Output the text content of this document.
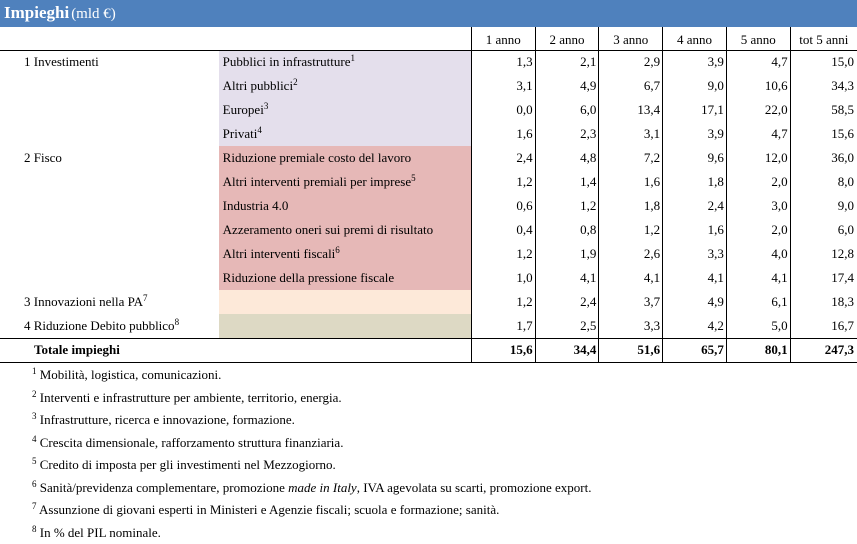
Impieghi (mld €)
		1 anno	2 anno	3 anno	4 anno	5 anno	tot 5 anni
1 Investimenti	Pubblici in infrastrutture$^1$	1,3	2,1	2,9	3,9	4,7	15,0
	Altri pubblici$^2$	3,1	4,9	6,7	9,0	10,6	34,3
	Europei$^3$	0,0	6,0	13,4	17,1	22,0	58,5
	Privati$^4$	1,6	2,3	3,1	3,9	4,7	15,6
2 Fisco	Riduzione premiale costo del lavoro	2,4	4,8	7,2	9,6	12,0	36,0
	Altri interventi premiali per imprese$^5$	1,2	1,4	1,6	1,8	2,0	8,0
	Industria 4.0	0,6	1,2	1,8	2,4	3,0	9,0
	Azzeramento oneri sui premi di risultato	0,4	0,8	1,2	1,6	2,0	6,0
	Altri interventi fiscali$^6$	1,2	1,9	2,6	3,3	4,0	12,8
	Riduzione della pressione fiscale	1,0	4,1	4,1	4,1	4,1	17,4
3 Innovazioni nella $PA^7$		1,2	2,4	3,7	4,9	6,1	18,3
4 Riduzione Debito pubblico$^8$		1,7	2,5	3,3	4,2	5,0	16,7
Totale impieghi		15,6	34,4	51,6	65,7	80,1	247,3
$^1$ Mobilità, logistica, comunicazioni.
$^2$ Interventi e infrastrutture per ambiente, territorio, energia.
$^3$ Infrastrutture, ricerca e innovazione, formazione.
$^4$ Crescita dimensionale, rafforzamento struttura finanziaria.
$^5$ Credito di imposta per gli investimenti nel Mezzogiorno.
$^6$ Sanità/previdenza complementare, promozione made in Italy, IVA agevolata su scarti, promozione export.
$^7$ Assunzione di giovani esperti in Ministeri e Agenzie fiscali; scuola e formazione; sanità.
$^8$ In % del PIL nominale.
